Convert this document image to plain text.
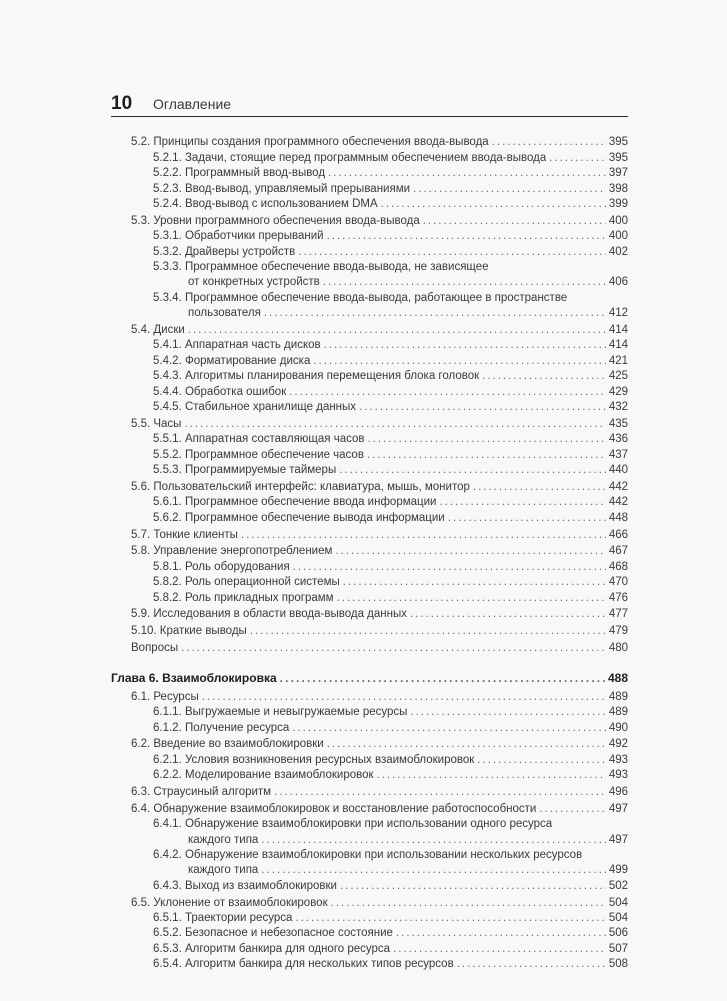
10 Оглавление
5.2. Принципы создания программного обеспечения ввода-вывода . . .	395
5.2.1. Задачи, стоящие перед программным обеспечением ввода-вывода . . .	395
5.2.2. Программный ввод-вывод . . .	397
5.2.3. Ввод-вывод, управляемый прерываниями . . .	398
5.2.4. Ввод-вывод с использованием DMA . . .	399
5.3. Уровни программного обеспечения ввода-вывода . . .	400
5.3.1. Обработчики прерываний . . .	400
5.3.2. Драйверы устройств . . .	402
5.3.3. Программное обеспечение ввода-вывода, не зависящее
от конкретных устройств . . .	406
5.3.4. Программное обеспечение ввода-вывода, работающее в пространстве
пользователя . . .	412
5.4. Диски . . .	414
5.4.1. Аппаратная часть дисков . . .	414
5.4.2. Форматирование диска . . .	421
5.4.3. Алгоритмы планирования перемещения блока головок . . .	425
5.4.4. Обработка ошибок . . .	429
5.4.5. Стабильное хранилище данных . . .	432
5.5. Часы . . .	435
5.5.1. Аппаратная составляющая часов . . .	436
5.5.2. Программное обеспечение часов . . .	437
5.5.3. Программируемые таймеры . . .	440
5.6. Пользовательский интерфейс: клавиатура, мышь, монитор . . .	442
5.6.1. Программное обеспечение ввода информации . . .	442
5.6.2. Программное обеспечение вывода информации . . .	448
5.7. Тонкие клиенты . . .	466
5.8. Управление энергопотреблением . . .	467
5.8.1. Роль оборудования . . .	468
5.8.2. Роль операционной системы . . .	470
5.8.2. Роль прикладных программ . . .	476
5.9. Исследования в области ввода-вывода данных . . .	477
5.10. Краткие выводы . . .	479
Вопросы . . .	480
Глава 6. Взаимоблокировка . . .	488
6.1. Ресурсы . . .	489
6.1.1. Выгружаемые и невыгружаемые ресурсы . . .	489
6.1.2. Получение ресурса . . .	490
6.2. Введение во взаимоблокировки . . .	492
6.2.1. Условия возникновения ресурсных взаимоблокировок . . .	493
6.2.2. Моделирование взаимоблокировок . . .	493
6.3. Страусиный алгоритм . . .	496
6.4. Обнаружение взаимоблокировок и восстановление работоспособности . . .	497
6.4.1. Обнаружение взаимоблокировки при использовании одного ресурса
каждого типа . . .	497
6.4.2. Обнаружение взаимоблокировки при использовании нескольких ресурсов
каждого типа . . .	499
6.4.3. Выход из взаимоблокировки . . .	502
6.5. Уклонение от взаимоблокировок . . .	504
6.5.1. Траектории ресурса . . .	504
6.5.2. Безопасное и небезопасное состояние . . .	506
6.5.3. Алгоритм банкира для одного ресурса . . .	507
6.5.4. Алгоритм банкира для нескольких типов ресурсов . . .	508
